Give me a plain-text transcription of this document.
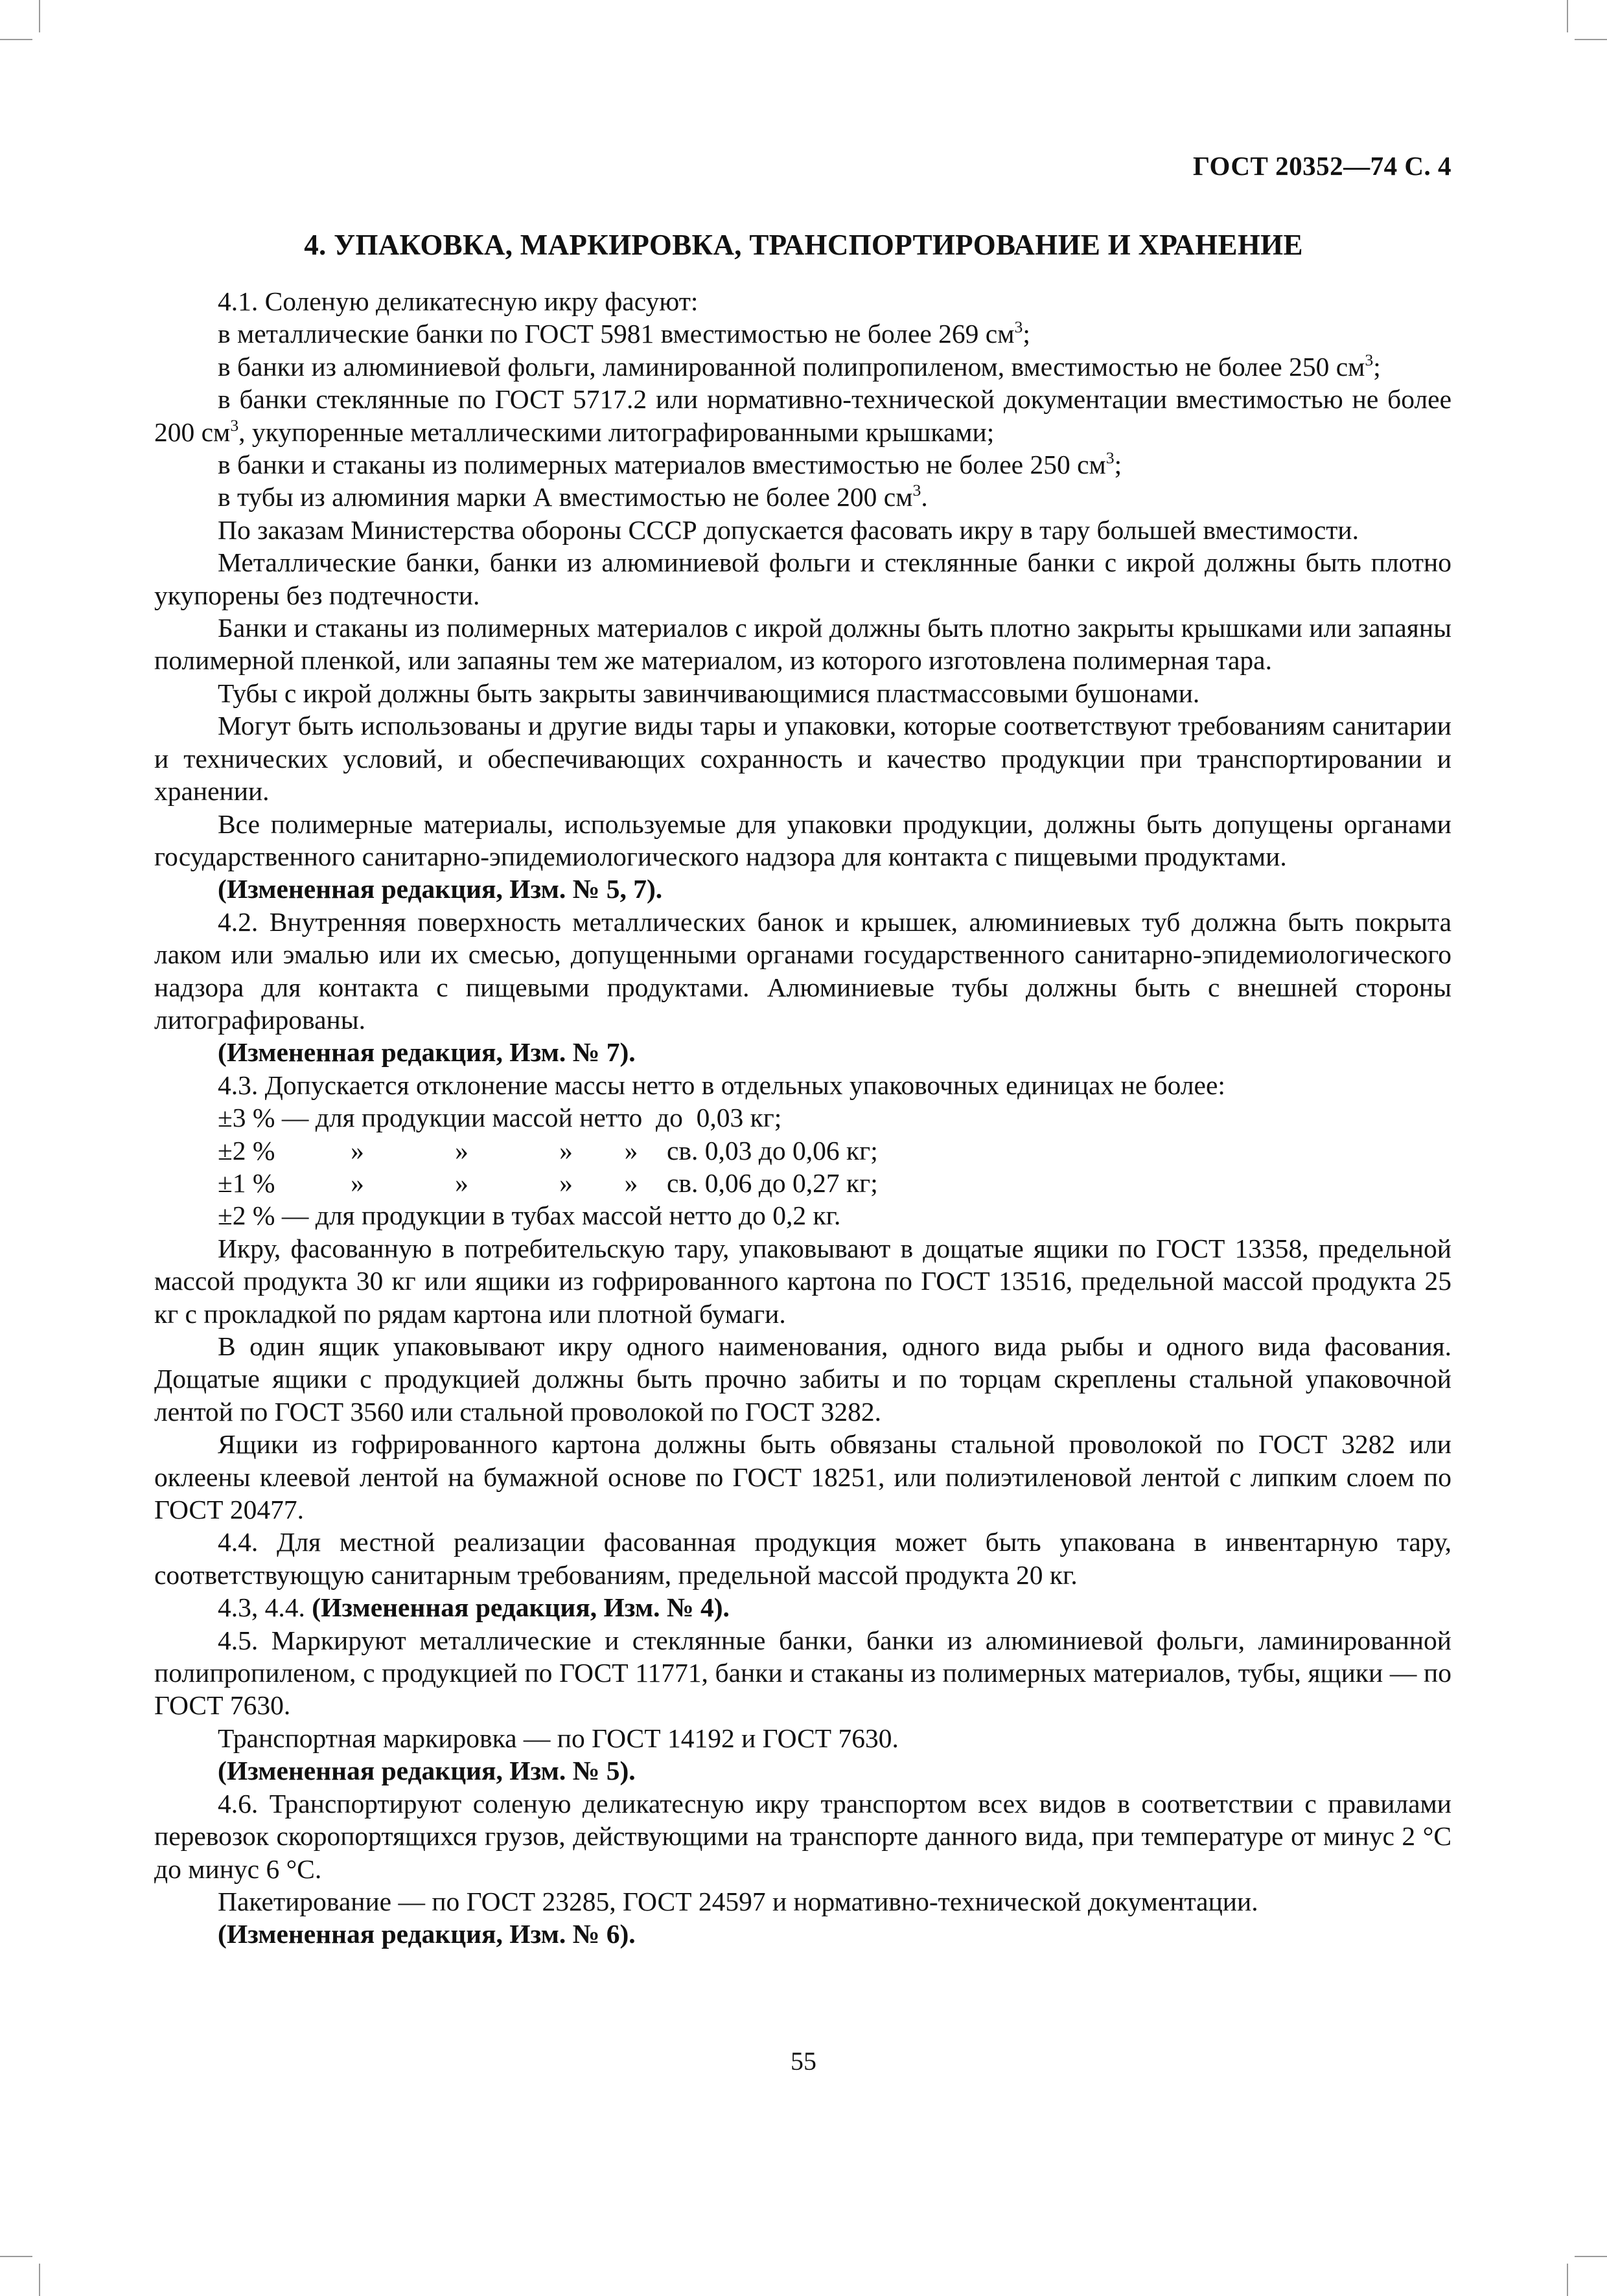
ГОСТ 20352—74 С. 4
4. УПАКОВКА, МАРКИРОВКА, ТРАНСПОРТИРОВАНИЕ И ХРАНЕНИЕ

4.1. Соленую деликатесную икру фасуют:

в металлические банки по ГОСТ 5981 вместимостью не более 269 $см^3$;

в банки из алюминиевой фольги, ламинированной полипропиленом, вместимостью не более 250 $см^3$;

в банки стеклянные по ГОСТ 5717.2 или нормативно-технической документации вместимостью не более 200 $см^3$, укупоренные металлическими литографированными крышками;

в банки и стаканы из полимерных материалов вместимостью не более 250 $см^3$;

в тубы из алюминия марки А вместимостью не более 200 $см^3$.

По заказам Министерства обороны СССР допускается фасовать икру в тару большей вместимости.

Металлические банки, банки из алюминиевой фольги и стеклянные банки с икрой должны быть плотно укупорены без подтечности.

Банки и стаканы из полимерных материалов с икрой должны быть плотно закрыты крышками или запаяны полимерной пленкой, или запаяны тем же материалом, из которого изготовлена полимерная тара.

Тубы с икрой должны быть закрыты завинчивающимися пластмассовыми бушонами.

Могут быть использованы и другие виды тары и упаковки, которые соответствуют требованиям санитарии и технических условий, и обеспечивающих сохранность и качество продукции при транспортировании и хранении.

Все полимерные материалы, используемые для упаковки продукции, должны быть допущены органами государственного санитарно-эпидемиологического надзора для контакта с пищевыми продуктами.

(Измененная редакция, Изм. № 5, 7).

4.2. Внутренняя поверхность металлических банок и крышек, алюминиевых туб должна быть покрыта лаком или эмалью или их смесью, допущенными органами государственного санитарно-эпидемиологического надзора для контакта с пищевыми продуктами. Алюминиевые тубы должны быть с внешней стороны литографированы.

(Измененная редакция, Изм. № 7).

4.3. Допускается отклонение массы нетто в отдельных упаковочных единицах не более:

±3 % — для продукции массой нетто  до  0,03 кг;

±2 %	»	»	»	»	св. 0,03 до 0,06 кг;
±1 %	»	»	»	»	св. 0,06 до 0,27 кг;

±2 % — для продукции в тубах массой нетто до 0,2 кг.

Икру, фасованную в потребительскую тару, упаковывают в дощатые ящики по ГОСТ 13358, предельной массой продукта 30 кг или ящики из гофрированного картона по ГОСТ 13516, предельной массой продукта 25 кг с прокладкой по рядам картона или плотной бумаги.

В один ящик упаковывают икру одного наименования, одного вида рыбы и одного вида фасования. Дощатые ящики с продукцией должны быть прочно забиты и по торцам скреплены стальной упаковочной лентой по ГОСТ 3560 или стальной проволокой по ГОСТ 3282.

Ящики из гофрированного картона должны быть обвязаны стальной проволокой по ГОСТ 3282 или оклеены клеевой лентой на бумажной основе по ГОСТ 18251, или полиэтиленовой лентой с липким слоем по ГОСТ 20477.

4.4. Для местной реализации фасованная продукция может быть упакована в инвентарную тару, соответствующую санитарным требованиям, предельной массой продукта 20 кг.

4.3, 4.4. (Измененная редакция, Изм. № 4).

4.5. Маркируют металлические и стеклянные банки, банки из алюминиевой фольги, ламинированной полипропиленом, с продукцией по ГОСТ 11771, банки и стаканы из полимерных материалов, тубы, ящики — по ГОСТ 7630.

Транспортная маркировка — по ГОСТ 14192 и ГОСТ 7630.

(Измененная редакция, Изм. № 5).

4.6. Транспортируют соленую деликатесную икру транспортом всех видов в соответствии с правилами перевозок скоропортящихся грузов, действующими на транспорте данного вида, при температуре от минус 2 °С до минус 6 °С.

Пакетирование — по ГОСТ 23285, ГОСТ 24597 и нормативно-технической документации.

(Измененная редакция, Изм. № 6).

55
